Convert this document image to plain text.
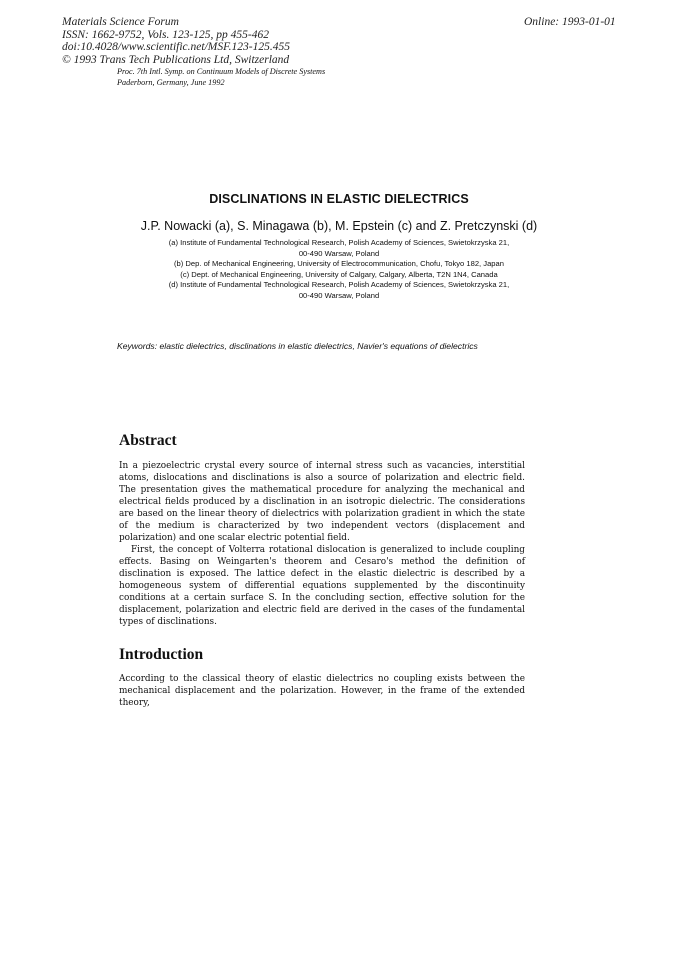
Materials Science Forum
ISSN: 1662-9752, Vols. 123-125, pp 455-462
doi:10.4028/www.scientific.net/MSF.123-125.455
© 1993 Trans Tech Publications Ltd, Switzerland
Online: 1993-01-01
Proc. 7th Intl. Symp. on Continuum Models of Discrete Systems
Paderborn, Germany, June 1992
DISCLINATIONS IN ELASTIC DIELECTRICS
J.P. Nowacki (a), S. Minagawa (b), M. Epstein (c) and Z. Pretczynski (d)
(a) Institute of Fundamental Technological Research, Polish Academy of Sciences, Swietokrzyska 21,
00-490 Warsaw, Poland
(b) Dep. of Mechanical Engineering, University of Electrocommunication, Chofu, Tokyo 182, Japan
(c) Dept. of Mechanical Engineering, University of Calgary, Calgary, Alberta, T2N 1N4, Canada
(d) Institute of Fundamental Technological Research, Polish Academy of Sciences, Swietokrzyska 21,
00-490 Warsaw, Poland
Keywords: elastic dielectrics, disclinations in elastic dielectrics, Navier's equations of dielectrics
Abstract

In a piezoelectric crystal every source of internal stress such as vacancies, interstitial atoms, dislocations and disclinations is also a source of polarization and electric field. The presentation gives the mathematical procedure for analyzing the mechanical and electrical fields produced by a disclination in an isotropic dielectric. The considerations are based on the linear theory of dielectrics with polarization gradient in which the state of the medium is characterized by two independent vectors (displacement and polarization) and one scalar electric potential field.

First, the concept of Volterra rotational dislocation is generalized to include coupling effects. Basing on Weingarten's theorem and Cesaro's method the definition of disclination is exposed. The lattice defect in the elastic dielectric is described by a homogeneous system of differential equations supplemented by the discontinuity conditions at a certain surface S. In the concluding section, effective solution for the displacement, polarization and electric field are derived in the cases of the fundamental types of disclinations.

Introduction

According to the classical theory of elastic dielectrics no coupling exists between the mechanical displacement and the polarization. However, in the frame of the extended theory,
